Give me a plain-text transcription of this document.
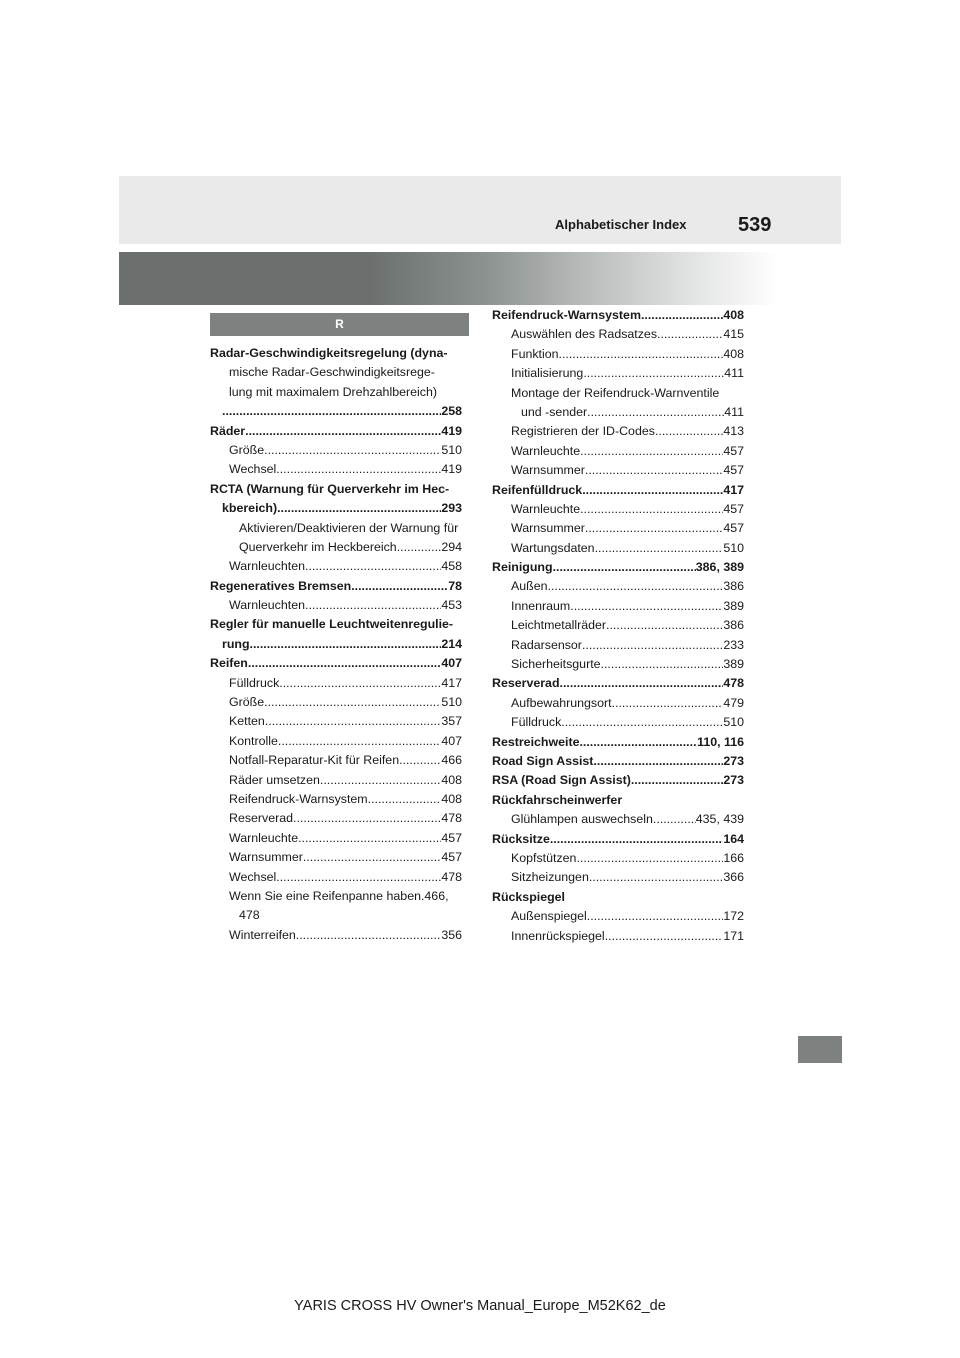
Alphabetischer Index	539
R
Radar-Geschwindigkeitsregelung (dyna-
mische Radar-Geschwindigkeitsrege-
lung mit maximalem Drehzahlbereich)
.....
258
Räder .....	419
Größe .....	510
Wechsel .....	419
RCTA (Warnung für Querverkehr im Hec-
kbereich) .....	293
Aktivieren/Deaktivieren der Warnung für
Querverkehr im Heckbereich .....	294
Warnleuchten .....	458
Regeneratives Bremsen .....	78
Warnleuchten .....	453
Regler für manuelle Leuchtweitenregulie-
rung .....	214
Reifen .....	407
Fülldruck .....	417
Größe .....	510
Ketten .....	357
Kontrolle .....	407
Notfall-Reparatur-Kit für Reifen .....	466
Räder umsetzen .....	408
Reifendruck-Warnsystem .....	408
Reserverad .....	478
Warnleuchte .....	457
Warnsummer .....	457
Wechsel .....	478
Wenn Sie eine Reifenpanne haben.466,
478
Winterreifen .....	356
Reifendruck-Warnsystem .....	408
Auswählen des Radsatzes .....	415
Funktion .....	408
Initialisierung .....	411
Montage der Reifendruck-Warnventile
und -sender .....	411
Registrieren der ID-Codes .....	413
Warnleuchte .....	457
Warnsummer .....	457
Reifenfülldruck .....	417
Warnleuchte .....	457
Warnsummer .....	457
Wartungsdaten .....	510
Reinigung .....	386, 389
Außen .....	386
Innenraum .....	389
Leichtmetallräder .....	386
Radarsensor .....	233
Sicherheitsgurte .....	389
Reserverad .....	478
Aufbewahrungsort .....	479
Fülldruck .....	510
Restreichweite .....	110, 116
Road Sign Assist .....	273
RSA (Road Sign Assist) .....	273
Rückfahrscheinwerfer
Glühlampen auswechseln .....	435, 439
Rücksitze .....	164
Kopfstützen .....	166
Sitzheizungen .....	366
Rückspiegel
Außenspiegel .....	172
Innenrückspiegel .....	171
YARIS CROSS HV Owner's Manual_Europe_M52K62_de
